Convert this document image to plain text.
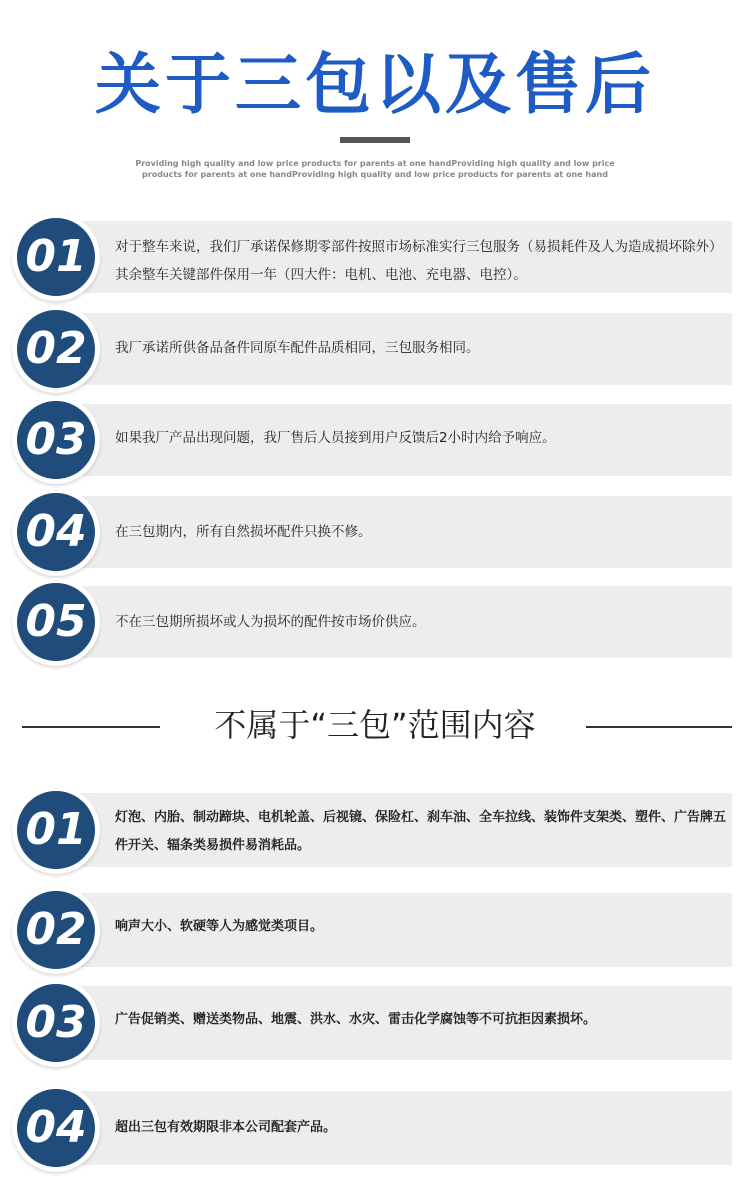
关于三包以及售后
Providing high quality and low price products for parents at one handProviding high quality and low price products for parents at one handProviding high quality and low price products for parents at one hand
01	对于整车来说，我们厂承诺保修期零部件按照市场标准实行三包服务（易损耗件及人为造成损坏除外）其余整车关键部件保用一年（四大件：电机、电池、充电器、电控）。
02	我厂承诺所供备品备件同原车配件品质相同，三包服务相同。
03	如果我厂产品出现问题，我厂售后人员接到用户反馈后2小时内给予响应。
04	在三包期内，所有自然损坏配件只换不修。
05	不在三包期所损坏或人为损坏的配件按市场价供应。
不属于“三包”范围内容
01	灯泡、内胎、制动蹄块、电机轮盖、后视镜、保险杠、刹车油、全车拉线、装饰件支架类、塑件、广告牌五件开关、辐条类易损件易消耗品。
02	响声大小、软硬等人为感觉类项目。
03	广告促销类、赠送类物品、地震、洪水、水灾、雷击化学腐蚀等不可抗拒因素损坏。
04	超出三包有效期限非本公司配套产品。
